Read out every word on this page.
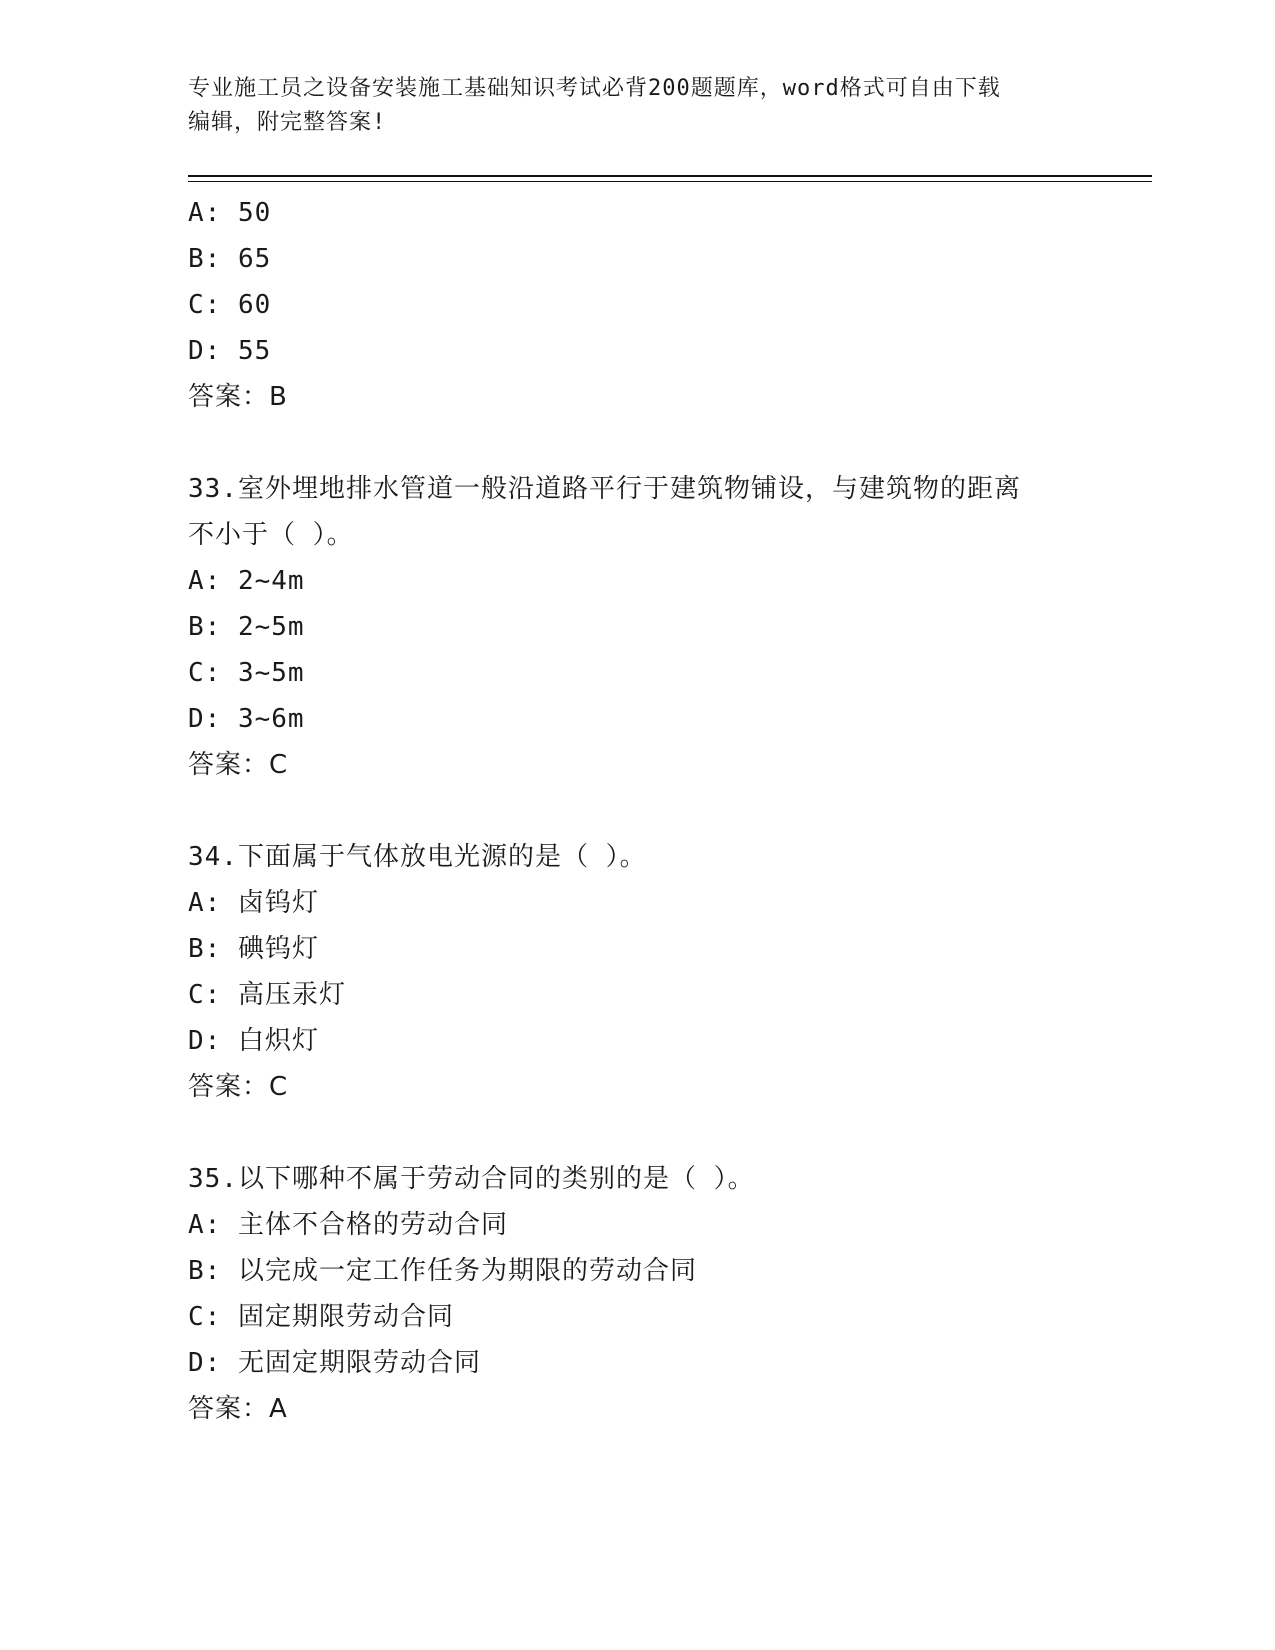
专业施工员之设备安装施工基础知识考试必背200题题库，word格式可自由下载
编辑，附完整答案!
A: 50
B: 65
C: 60
D: 55
答案：B
33.室外埋地排水管道一般沿道路平行于建筑物铺设，与建筑物的距离
不小于（ ）。
A: 2~4m
B: 2~5m
C: 3~5m
D: 3~6m
答案：C
34.下面属于气体放电光源的是（ ）。
A: 卤钨灯
B: 碘钨灯
C: 高压汞灯
D: 白炽灯
答案：C
35.以下哪种不属于劳动合同的类别的是（ ）。
A: 主体不合格的劳动合同
B: 以完成一定工作任务为期限的劳动合同
C: 固定期限劳动合同
D: 无固定期限劳动合同
答案：A
